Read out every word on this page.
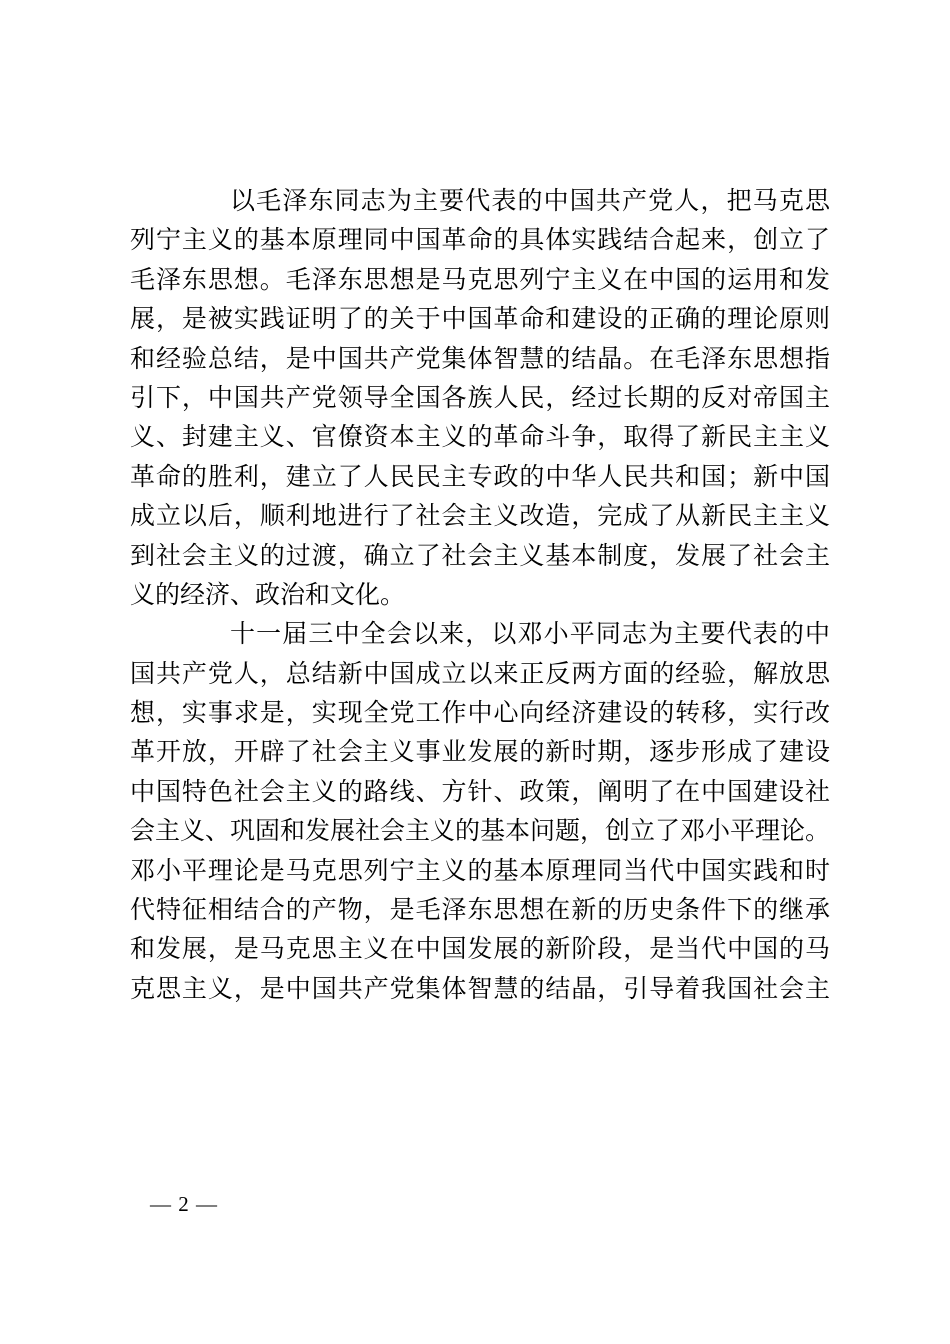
以毛泽东同志为主要代表的中国共产党人，把马克思
列宁主义的基本原理同中国革命的具体实践结合起来，创立了
毛泽东思想。毛泽东思想是马克思列宁主义在中国的运用和发
展，是被实践证明了的关于中国革命和建设的正确的理论原则
和经验总结，是中国共产党集体智慧的结晶。在毛泽东思想指
引下，中国共产党领导全国各族人民，经过长期的反对帝国主
义、封建主义、官僚资本主义的革命斗争，取得了新民主主义
革命的胜利，建立了人民民主专政的中华人民共和国；新中国
成立以后，顺利地进行了社会主义改造，完成了从新民主主义
到社会主义的过渡，确立了社会主义基本制度，发展了社会主
义的经济、政治和文化。
十一届三中全会以来，以邓小平同志为主要代表的中
国共产党人，总结新中国成立以来正反两方面的经验，解放思
想，实事求是，实现全党工作中心向经济建设的转移，实行改
革开放，开辟了社会主义事业发展的新时期，逐步形成了建设
中国特色社会主义的路线、方针、政策，阐明了在中国建设社
会主义、巩固和发展社会主义的基本问题，创立了邓小平理论。
邓小平理论是马克思列宁主义的基本原理同当代中国实践和时
代特征相结合的产物，是毛泽东思想在新的历史条件下的继承
和发展，是马克思主义在中国发展的新阶段，是当代中国的马
克思主义，是中国共产党集体智慧的结晶，引导着我国社会主
— 2 —
